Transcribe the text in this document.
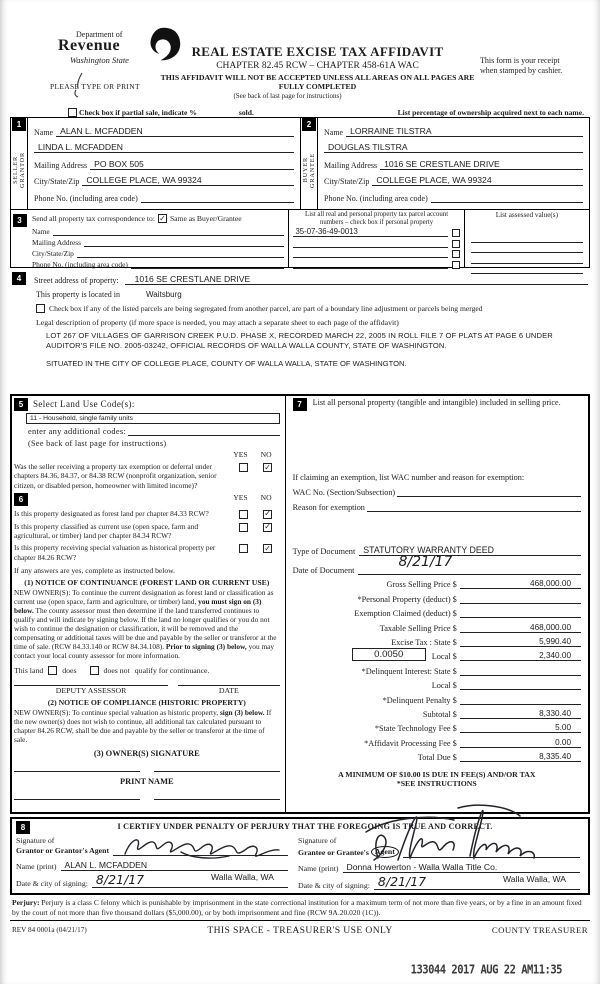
Department of
Revenue
Washington State
PLEASE TYPE OR PRINT
REAL ESTATE EXCISE TAX AFFIDAVIT
CHAPTER 82.45 RCW – CHAPTER 458-61A WAC
THIS AFFIDAVIT WILL NOT BE ACCEPTED UNLESS ALL AREAS ON ALL PAGES ARE FULLY COMPLETED
(See back of last page for instructions)
This form is your receipt
when stamped by cashier.
Check box if partial sale, indicate %	sold.	List percentage of ownership acquired next to each name.
1
SELLER GRANTOR
Name ALAN L. MCFADDEN
LINDA L. MCFADDEN
Mailing Address PO BOX 505
City/State/Zip COLLEGE PLACE, WA 99324
Phone No. (including area code)
2
BUYER GRANTEE
Name LORRAINE TILSTRA
DOUGLAS TILSTRA
Mailing Address 1016 SE CRESTLANE DRIVE
City/State/Zip COLLEGE PLACE, WA 99324
Phone No. (including area code)
3	Send all property tax correspondence to: ✓ Same as Buyer/Grantee
Name
Mailing Address
City/State/Zip
Phone No. (including area code)
List all real and personal property tax parcel account numbers – check box if personal property
35-07-36-49-0013
List assessed value(s)
4	Street address of property:	1016 SE CRESTLANE DRIVE
This property is located in	Waitsburg
Check box if any of the listed parcels are being segregated from another parcel, are part of a boundary line adjustment or parcels being merged
Legal description of property (if more space is needed, you may attach a separate sheet to each page of the affidavit)
LOT 267 OF VILLAGES OF GARRISON CREEK P.U.D. PHASE X, RECORDED MARCH 22, 2005 IN ROLL FILE 7 OF PLATS AT PAGE 6 UNDER AUDITOR'S FILE NO. 2005-03242, OFFICIAL RECORDS OF WALLA WALLA COUNTY, STATE OF WASHINGTON.
SITUATED IN THE CITY OF COLLEGE PLACE, COUNTY OF WALLA WALLA, STATE OF WASHINGTON.
5	Select Land Use Code(s):
11 - Household, single family units
enter any additional codes:
(See back of last page for instructions)
YES NO
Was the seller receiving a property tax exemption or deferral under chapters 84.36, 84.37, or 84.38 RCW (nonprofit organization, senior citizen, or disabled person, homeowner with limited income)?
✓
6	YES NO
Is this property designated as forest land per chapter 84.33 RCW?	✓
Is this property classified as current use (open space, farm and agricultural, or timber) land per chapter 84.34 RCW?
✓
Is this property receiving special valuation as historical property per chapter 84.26 RCW?
✓
If any answers are yes, complete as instructed below.
(1) NOTICE OF CONTINUANCE (FOREST LAND OR CURRENT USE)
NEW OWNER(S): To continue the current designation as forest land or classification as current use (open space, farm and agriculture, or timber) land, you must sign on (3) below. The county assessor must then determine if the land transferred continues to qualify and will indicate by signing below. If the land no longer qualifies or you do not wish to continue the designation or classification, it will be removed and the compensating or additional taxes will be due and payable by the seller or transferor at the time of sale. (RCW 84.33.140 or RCW 84.34.108). Prior to signing (3) below, you may contact your local county assessor for more information.
This land does	does not qualify for continuance.
DEPUTY ASSESSOR	DATE
(2) NOTICE OF COMPLIANCE (HISTORIC PROPERTY)
NEW OWNER(S): To continue special valuation as historic property, sign (3) below. If the new owner(s) does not wish to continue, all additional tax calculated pursuant to chapter 84.26 RCW, shall be due and payable by the seller or transferor at the time of sale.
(3) OWNER(S) SIGNATURE
PRINT NAME
7	List all personal property (tangible and intangible) included in selling price.
If claiming an exemption, list WAC number and reason for exemption:
WAC No. (Section/Subsection)
Reason for exemption
Type of Document STATUTORY WARRANTY DEED
Date of Document
8/21/17
Gross Selling Price $	468,000.00
*Personal Property (deduct) $
Exemption Claimed (deduct) $
Taxable Selling Price $	468,000.00
Excise Tax : State $	5,990.40
0.0050	Local $	2,340.00
*Delinquent Interest: State $
Local $
*Delinquent Penalty $
Subtotal $	8,330.40
*State Technology Fee $	5.00
*Affidavit Processing Fee $	0.00
Total Due $	8,335.40
A MINIMUM OF $10.00 IS DUE IN FEE(S) AND/OR TAX
*SEE INSTRUCTIONS
8	I CERTIFY UNDER PENALTY OF PERJURY THAT THE FOREGOING IS TRUE AND CORRECT.
Signature of
Grantor or Grantor's Agent
Name (print) ALAN L. MCFADDEN
Date & city of signing: 8/21/17	Walla Walla, WA
Signature of
Grantee or Grantee's Agent
Name (print) Donna Howerton - Walla Walla Title Co.
Date & city of signing: 8/21/17	Walla Walla, WA
Perjury: Perjury is a class C felony which is punishable by imprisonment in the state correctional institution for a maximum term of not more than five years, or by a fine in an amount fixed by the court of not more than five thousand dollars ($5,000.00), or by both imprisonment and fine (RCW 9A.20.020 (1C)).
REV 84 0001a (04/21/17)	THIS SPACE - TREASURER'S USE ONLY	COUNTY TREASURER
133044 2017 AUG 22 AM11:35
